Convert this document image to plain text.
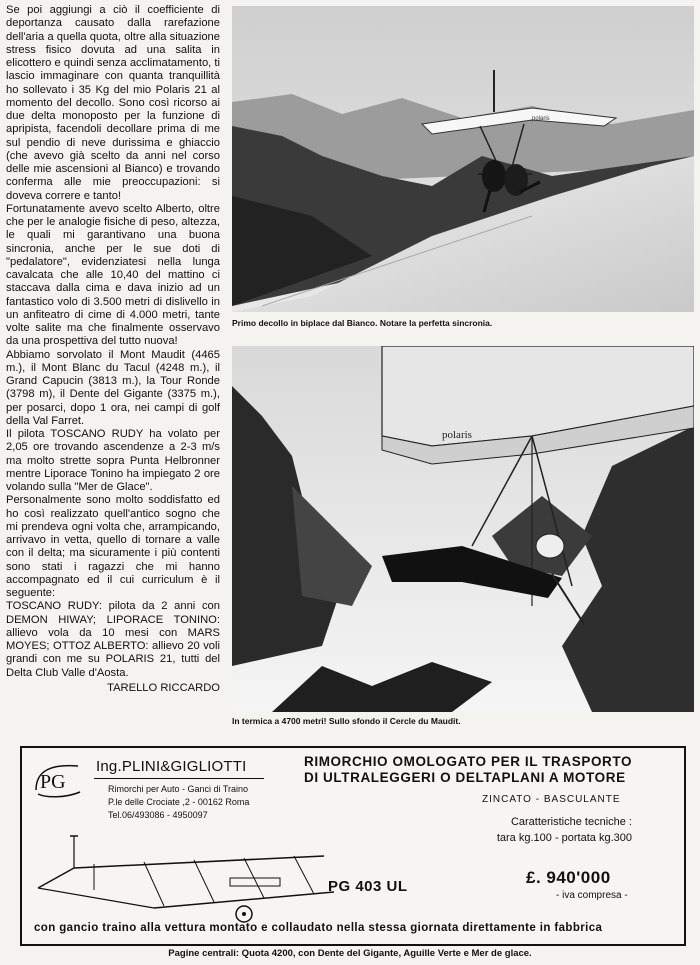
Se poi aggiungi a ciò il coefficiente di deportanza causato dalla rarefazione dell'aria a quella quota, oltre alla situazione stress fisico dovuta ad una salita in elicottero e quindi senza acclimatamento, ti lascio immaginare con quanta tranquillità ho sollevato i 35 Kg del mio Polaris 21 al momento del decollo. Sono così ricorso ai due delta monoposto per la funzione di apripista, facendoli decollare prima di me sul pendio di neve durissima e ghiaccio (che avevo già scelto da anni nel corso delle mie ascensioni al Bianco) e trovando conferma alle mie preoccupazioni: si doveva correre e tanto!

Fortunatamente avevo scelto Alberto, oltre che per le analogie fisiche di peso, altezza, le quali mi garantivano una buona sincronia, anche per le sue doti di "pedalatore", evidenziatesi nella lunga cavalcata che alle 10,40 del mattino ci staccava dalla cima e dava inizio ad un fantastico volo di 3.500 metri di dislivello in un anfiteatro di cime di 4.000 metri, tante volte salite ma che finalmente osservavo da una prospettiva del tutto nuova!

Abbiamo sorvolato il Mont Maudit (4465 m.), il Mont Blanc du Tacul (4248 m.), il Grand Capucin (3813 m.), la Tour Ronde (3798 m), il Dente del Gigante (3375 m.), per posarci, dopo 1 ora, nei campi di golf della Val Farret.

Il pilota TOSCANO RUDY ha volato per 2,05 ore trovando ascendenze a 2-3 m/s ma molto strette sopra Punta Helbronner mentre Liporace Tonino ha impiegato 2 ore volando sulla "Mer de Glace".

Personalmente sono molto soddisfatto ed ho così realizzato quell'antico sogno che mi prendeva ogni volta che, arrampicando, arrivavo in vetta, quello di tornare a valle con il delta; ma sicuramente i più contenti sono stati i ragazzi che mi hanno accompagnato ed il cui curriculum è il seguente:

TOSCANO RUDY: pilota da 2 anni con DEMON HIWAY; LIPORACE TONINO: allievo vola da 10 mesi con MARS MOYES; OTTOZ ALBERTO: allievo 20 voli grandi con me su POLARIS 21, tutti del Delta Club Valle d'Aosta.

TARELLO RICCARDO

polaris
Primo decollo in biplace dal Bianco. Notare la perfetta sincronia.
polaris
In termica a 4700 metri! Sullo sfondo il Cercle du Maudit.
PG
Ing.PLINI&GIGLIOTTI
Rimorchi per Auto - Ganci di Traino
P.le delle Crociate ,2 - 00162 Roma
Tel.06/493086 - 4950097
RIMORCHIO OMOLOGATO PER IL TRASPORTO
DI ULTRALEGGERI O DELTAPLANI A MOTORE
ZINCATO - BASCULANTE
Caratteristiche tecniche :
tara kg.100 - portata kg.300
PG 403 UL	£. 940'000
- iva compresa -
con gancio traino alla vettura montato e collaudato nella stessa giornata direttamente in fabbrica
Pagine centrali: Quota 4200, con Dente del Gigante, Aguille Verte e Mer de glace.
